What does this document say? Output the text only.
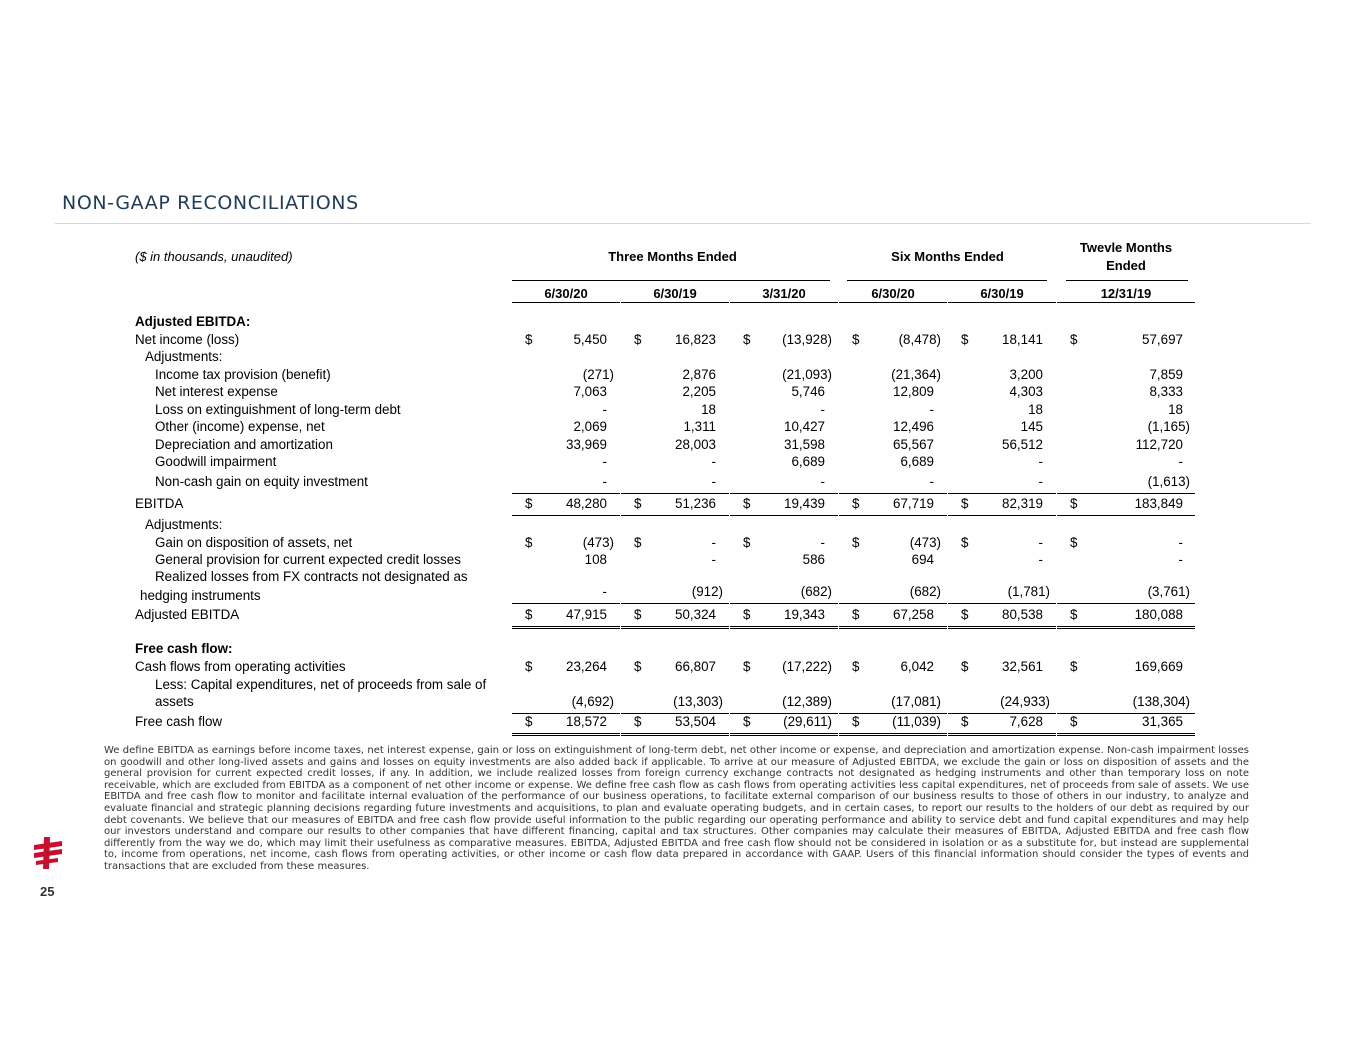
NON-GAAP RECONCILIATIONS
($ in thousands, unaudited)	Three Months Ended	Six Months Ended
Twevle Months
Ended
6/30/20	6/30/19	3/31/20	6/30/20	6/30/19	12/31/19
Adjusted EBITDA:
Net income (loss)	$	5,450	$	16,823	$ (13,928) $	(8,478) $	18,141	$	57,697
Adjustments:
Income tax provision (benefit)	(271)	2,876	(21,093)	(21,364)	3,200	7,859
Net interest expense	7,063	2,205	5,746	12,809	4,303	8,333
Loss on extinguishment of long-term debt	-	18	-	-	18	18
Other (income) expense, net	2,069	1,311	10,427	12,496	145	(1,165)
Depreciation and amortization	33,969	28,003	31,598	65,567	56,512	112,720
Goodwill impairment	-	-	6,689	6,689	-	-
Non-cash gain on equity investment	-	-	-	-	-	(1,613)
EBITDA	$	48,280	$	51,236	$	19,439	$	67,719	$	82,319	$	183,849
Adjustments:
Gain on disposition of assets, net	$	(473) $	-	$	-	$	(473) $	-	$	-
General provision for current expected credit losses	108	-	586	694	-	-
Realized losses from FX contracts not designated as
hedging instruments	-	(912)	(682)	(682)	(1,781)	(3,761)
Adjusted EBITDA	$	47,915	$	50,324	$	19,343	$	67,258	$	80,538	$	180,088
Free cash flow:
Cash flows from operating activities	$	23,264	$	66,807	$ (17,222) $	6,042	$	32,561	$	169,669
Less: Capital expenditures, net of proceeds from sale of
assets	(4,692)	(13,303)	(12,389)	(17,081)	(24,933)	(138,304)
Free cash flow	$	18,572	$	53,504	$ (29,611) $ (11,039) $	7,628	$	31,365

We define EBITDA as earnings before income taxes, net interest expense, gain or loss on extinguishment of long-term debt, net other income or expense, and depreciation and amortization expense. Non-cash impairment losses on goodwill and other long-lived assets and gains and losses on equity investments are also added back if applicable. To arrive at our measure of Adjusted EBITDA, we exclude the gain or loss on disposition of assets and the general provision for current expected credit losses, if any. In addition, we include realized losses from foreign currency exchange contracts not designated as hedging instruments and other than temporary loss on note receivable, which are excluded from EBITDA as a component of net other income or expense. We define free cash flow as cash flows from operating activities less capital expenditures, net of proceeds from sale of assets. We use EBITDA and free cash flow to monitor and facilitate internal evaluation of the performance of our business operations, to facilitate external comparison of our business results to those of others in our industry, to analyze and evaluate financial and strategic planning decisions regarding future investments and acquisitions, to plan and evaluate operating budgets, and in certain cases, to report our results to the holders of our debt as required by our debt covenants. We believe that our measures of EBITDA and free cash flow provide useful information to the public regarding our operating performance and ability to service debt and fund capital expenditures and may help our investors understand and compare our results to other companies that have different financing, capital and tax structures. Other companies may calculate their measures of EBITDA, Adjusted EBITDA and free cash flow differently from the way we do, which may limit their usefulness as comparative measures. EBITDA, Adjusted EBITDA and free cash flow should not be considered in isolation or as a substitute for, but instead are supplemental to, income from operations, net income, cash flows from operating activities, or other income or cash flow data prepared in accordance with GAAP. Users of this financial information should consider the types of events and transactions that are excluded from these measures.

25
